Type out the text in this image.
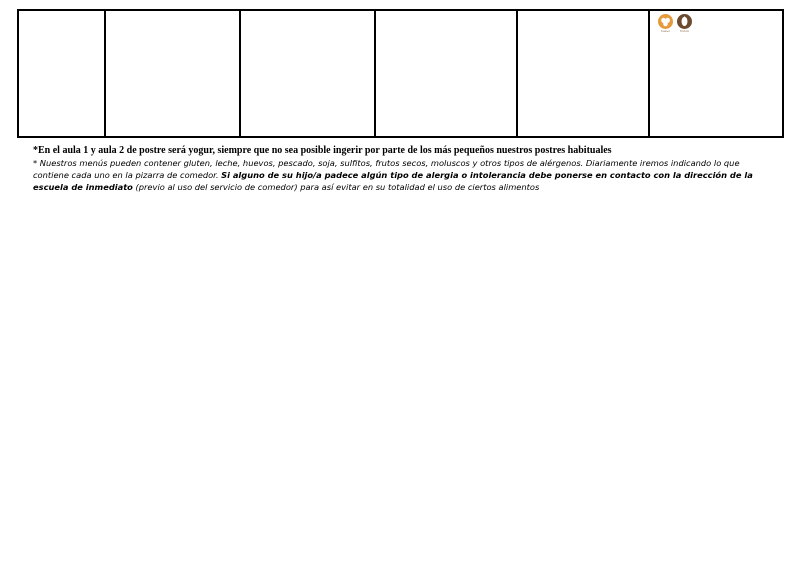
huevo	frutos

*En el aula 1 y aula 2 de postre será yogur, siempre que no sea posible ingerir por parte de los más pequeños nuestros postres habituales

* Nuestros menús pueden contener gluten, leche, huevos, pescado, soja, sulfitos, frutos secos, moluscos y otros tipos de alérgenos. Diariamente iremos indicando lo que contiene cada uno en la pizarra de comedor. Si alguno de su hijo/a padece algún tipo de alergia o intolerancia debe ponerse en contacto con la dirección de la escuela de inmediato (previo al uso del servicio de comedor) para así evitar en su totalidad el uso de ciertos alimentos
